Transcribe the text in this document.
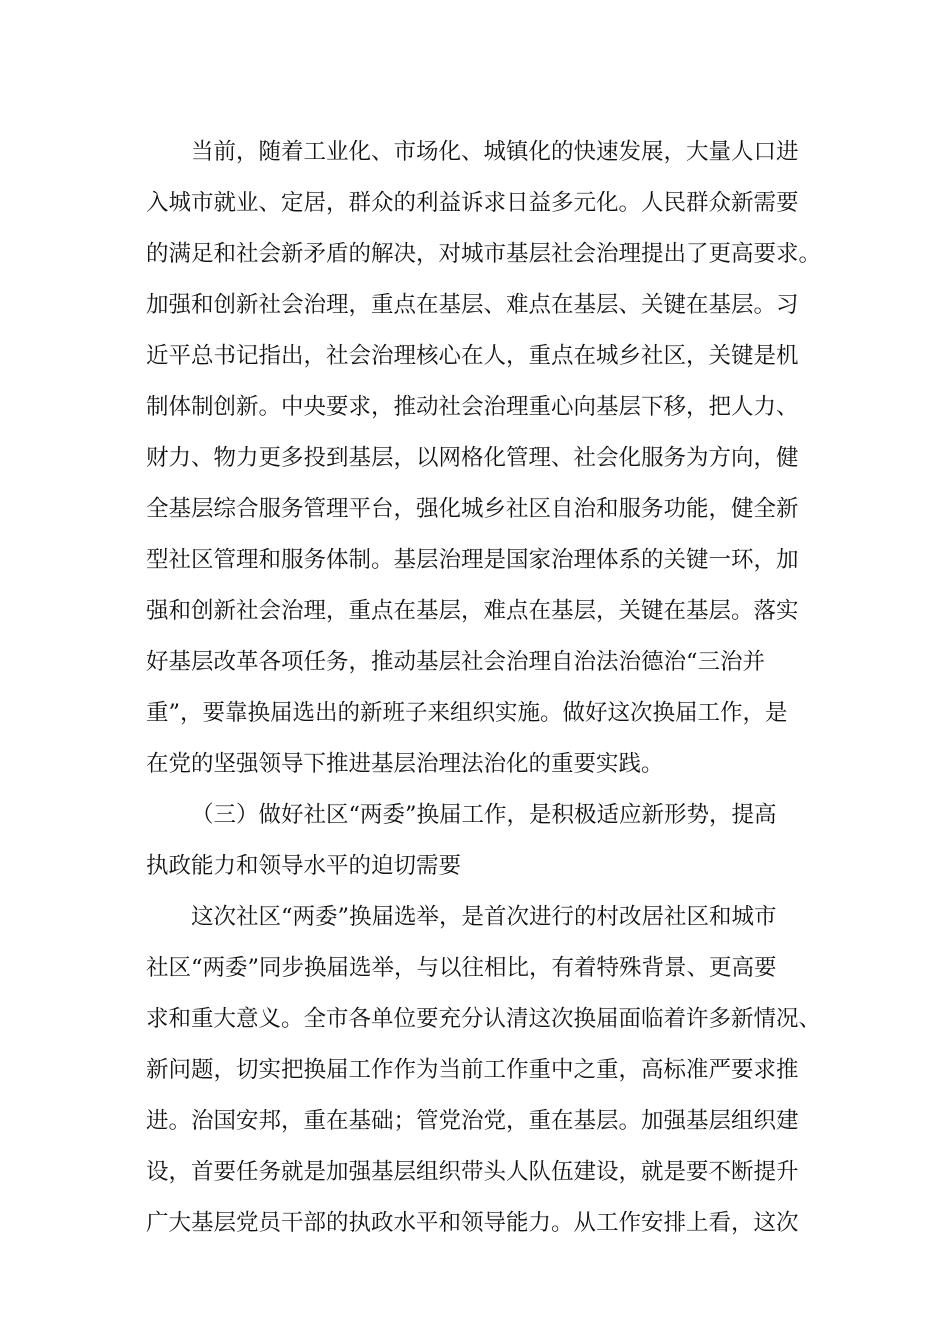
当前，随着工业化、市场化、城镇化的快速发展，大量人口进
入城市就业、定居，群众的利益诉求日益多元化。人民群众新需要
的满足和社会新矛盾的解决，对城市基层社会治理提出了更高要求。
加强和创新社会治理，重点在基层、难点在基层、关键在基层。习
近平总书记指出，社会治理核心在人，重点在城乡社区，关键是机
制体制创新。中央要求，推动社会治理重心向基层下移，把人力、
财力、物力更多投到基层，以网格化管理、社会化服务为方向，健
全基层综合服务管理平台，强化城乡社区自治和服务功能，健全新
型社区管理和服务体制。基层治理是国家治理体系的关键一环，加
强和创新社会治理，重点在基层，难点在基层，关键在基层。落实
好基层改革各项任务，推动基层社会治理自治法治德治“三治并
重”，要靠换届选出的新班子来组织实施。做好这次换届工作，是
在党的坚强领导下推进基层治理法治化的重要实践。
（三）做好社区“两委”换届工作，是积极适应新形势，提高
执政能力和领导水平的迫切需要
这次社区“两委”换届选举，是首次进行的村改居社区和城市
社区“两委”同步换届选举，与以往相比，有着特殊背景、更高要
求和重大意义。全市各单位要充分认清这次换届面临着许多新情况、
新问题，切实把换届工作作为当前工作重中之重，高标准严要求推
进。治国安邦，重在基础；管党治党，重在基层。加强基层组织建
设，首要任务就是加强基层组织带头人队伍建设，就是要不断提升
广大基层党员干部的执政水平和领导能力。从工作安排上看，这次
